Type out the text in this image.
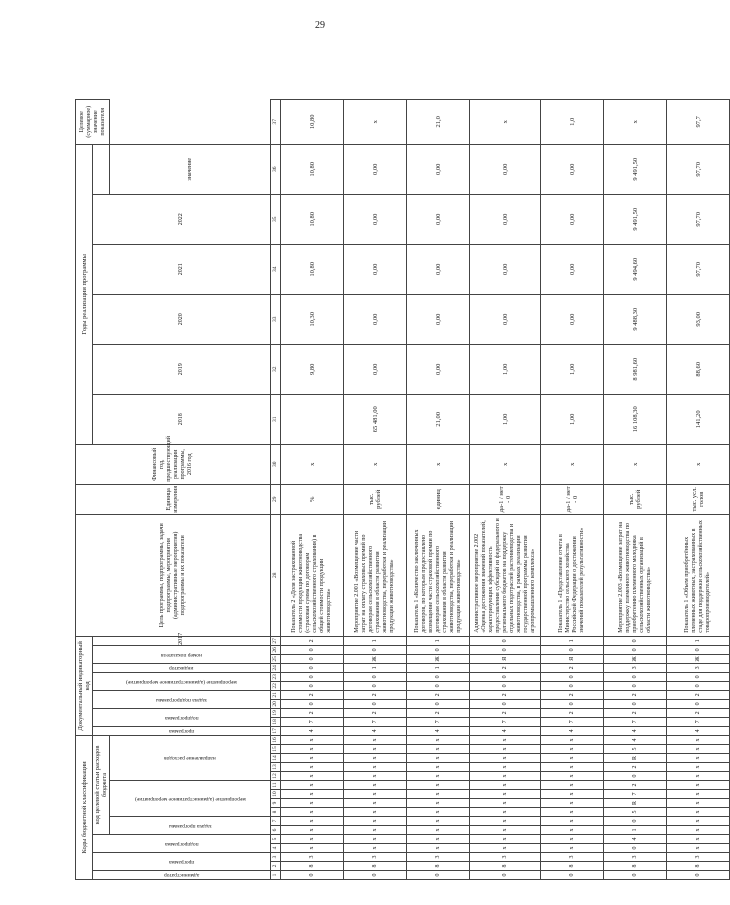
29
Коды бюджетной классификации																Документальный индикаторный код											Цель программы, подпрограммы, задачи подпрограммы, мероприятия (административные мероприятия) подпрограммы и их показатели	Единица измерения	Финансовый год, предшествующий реализации программы, 2016 год	Годы реализации программы						Целевое (суммарное) значение показателя

администратор	программа		подпрограмма		код целевой статьи расходов бюджета											программа	подпрограмма		задача подпрограммы		мероприятие (административное мероприятие)		индикатор	номер показателя		2017				2018	2019	2020	2021	2022		

					задача программы		мероприятие (административное мероприятие)				направление расходов																								значение	
1	2	3	4	5	6	7	8	9	10	11	12	13	14	15	16	17	18	19	20	21	22	23	24	25	26	27	28	29	30	31	32	33	34	35	36	37
0	8	3	x	x	x	x	x	x	x	x	x	x	x	x	x	4	7	2	0	2	0	0	0	0	0	2	Показатель 2 «Доля застрахованной стоимости продукции животноводства (страховая сумма по договорам сельскохозяйственного страхования) в общей стоимости продукции животноводства»	%	x		9,80	10,30	10,80	10,80	10,80	10,80
0	8	3	x	x	x	x	x	x	x	x	x	x	x	x	x	4	7	2	0	2	0	0	1	Ж	0	1	Мероприятие 2.001 «Возмещение части затрат на оплату страховых премий по договорам сельскохозяйственного страхования в области развития животноводства, переработки и реализации продукции животноводства»	тыс. рублей	x	65 481,00	0,00	0,00	0,00	0,00	0,00	x
0	8	3	x	x	x	x	x	x	x	x	x	x	x	x	x	4	7	2	0	2	0	0	1	Ж	0	1	Показатель 1 «Количество заключенных договоров, по которым предоставлено возмещение части страховой премии по договорам сельскохозяйственного страхования в области развития животноводства, переработки и реализации продукции животноводства»	единиц	x	21,00	0,00	0,00	0,00	0,00	0,00	21,0
0	8	3	x	x	x	x	x	x	x	x	x	x	x	x	x	4	7	2	0	2	0	0	2	Я	0	0	Административное мероприятие 2.002 «Оценка достижения значений показателей, характеризующих эффективность предоставления субсидий из федерального и регионального бюджетов на поддержку отдельных подотраслей растениеводства и животноводства, в рамках реализации государственной программы развития агропромышленного комплекса»	да-1 / нет - 0	x	1,00	1,00	0,00	0,00	0,00	0,00	x
0	8	3	x	x	x	x	x	x	x	x	x	x	x	x	x	4	7	2	0	2	0	0	2	Я	0	1	Показатель 1 «Представление отчета в Министерство сельского хозяйства Российской Федерации о достижении значений показателей результативности»	да-1 / нет - 0	x	1,00	1,00	0,00	0,00	0,00	0,00	1,0
0	8	3	0	4	1	0	5	R	7	2	0	2	R	5	4	4	7	2	0	2	0	0	3	Ж	0	0	Мероприятие 2.003 «Возмещение затрат на поддержку племенного животноводства по приобретению племенного молодняка сельскохозяйственных организаций в области животноводства»	тыс. рублей	x	16 108,30	8 981,60	9 488,30	9 494,60	9 491,50	9 491,50	x
0	8	3	x	x	x	x	x	x	x	x	x	x	x	x	x	4	7	2	0	2	0	0	3	Ж	0	1	Показатель 1 «Объем приобретённых племенных животных, застрахованных в стаде для поддержки сельскохозяйственных товаропроизводителей»	тыс. усл. голов	x	141,20	88,60	93,00	97,70	97,70	97,70	97,7
